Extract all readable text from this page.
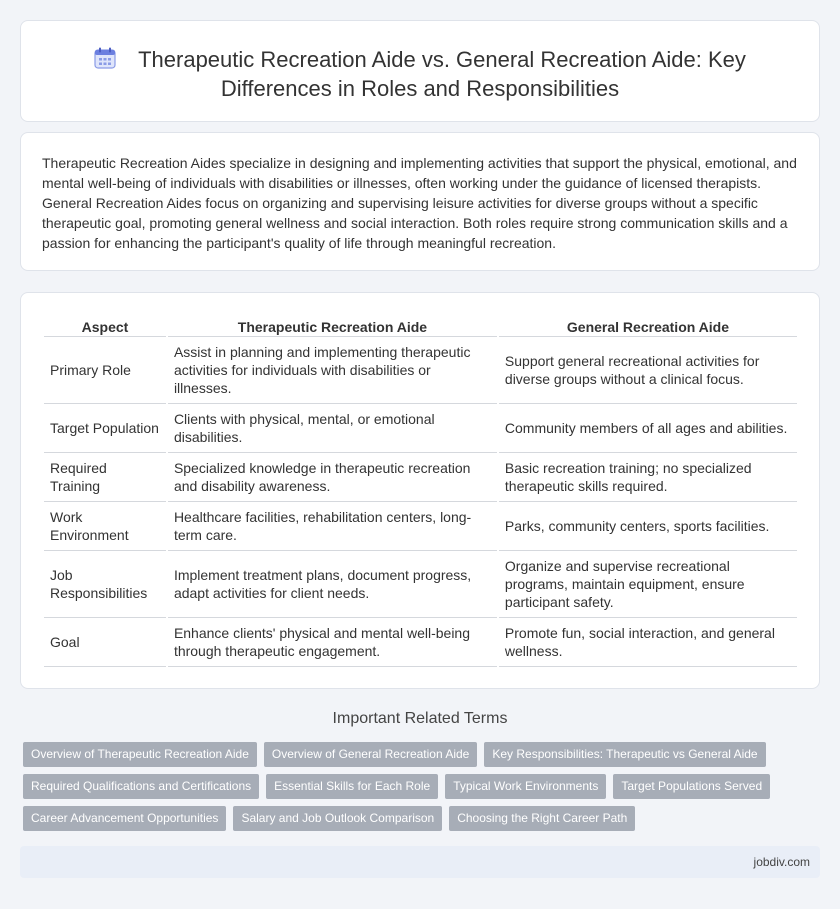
Therapeutic Recreation Aide vs. General Recreation Aide: Key Differences in Roles and Responsibilities

Therapeutic Recreation Aides specialize in designing and implementing activities that support the physical, emotional, and mental well-being of individuals with disabilities or illnesses, often working under the guidance of licensed therapists. General Recreation Aides focus on organizing and supervising leisure activities for diverse groups without a specific therapeutic goal, promoting general wellness and social interaction. Both roles require strong communication skills and a passion for enhancing the participant's quality of life through meaningful recreation.

Aspect	Therapeutic Recreation Aide	General Recreation Aide
Primary Role	Assist in planning and implementing therapeutic activities for individuals with disabilities or illnesses.	Support general recreational activities for diverse groups without a clinical focus.
Target Population	Clients with physical, mental, or emotional disabilities.	Community members of all ages and abilities.
Required Training	Specialized knowledge in therapeutic recreation and disability awareness.	Basic recreation training; no specialized therapeutic skills required.
Work Environment	Healthcare facilities, rehabilitation centers, long-term care.	Parks, community centers, sports facilities.
Job Responsibilities	Implement treatment plans, document progress, adapt activities for client needs.	Organize and supervise recreational programs, maintain equipment, ensure participant safety.
Goal	Enhance clients' physical and mental well-being through therapeutic engagement.	Promote fun, social interaction, and general wellness.
Important Related Terms
Overview of Therapeutic Recreation Aide	Overview of General Recreation Aide	Key Responsibilities: Therapeutic vs General Aide
Required Qualifications and Certifications	Essential Skills for Each Role	Typical Work Environments	Target Populations Served
Career Advancement Opportunities	Salary and Job Outlook Comparison	Choosing the Right Career Path
jobdiv.com
